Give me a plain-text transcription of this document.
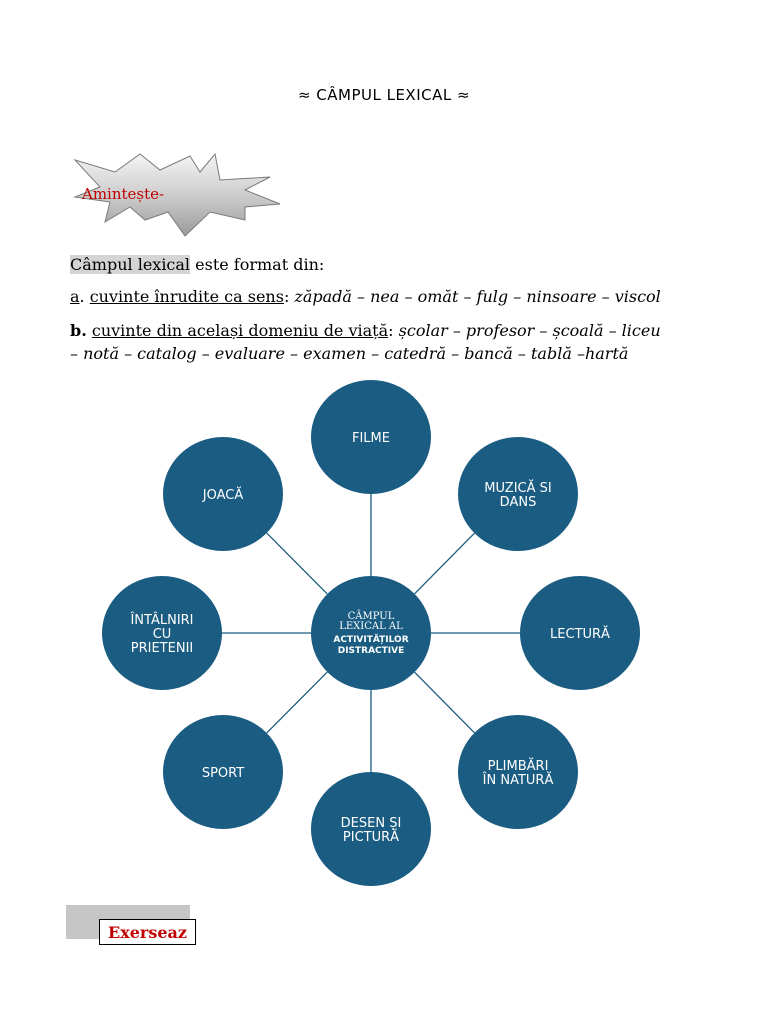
≈ CÂMPUL LEXICAL ≈
Amintește-
Câmpul lexical este format din:
a. cuvinte înrudite ca sens: zăpadă – nea – omăt – fulg – ninsoare – viscol
b. cuvinte din același domeniu de viață: școlar – profesor – școală – liceu
– notă – catalog – evaluare – examen – catedră – bancă – tablă –hartă
FILME
MUZICĂ SI
DANS
LECTURĂ
PLIMBĂRI
ÎN NATURĂ
DESEN ȘI
PICTURĂ
SPORT
ÎNTÂLNIRI
CU
PRIETENII
JOACĂ
CÂMPUL
LEXICAL AL
ACTIVITĂȚILOR
DISTRACTIVE
Exerseaz
